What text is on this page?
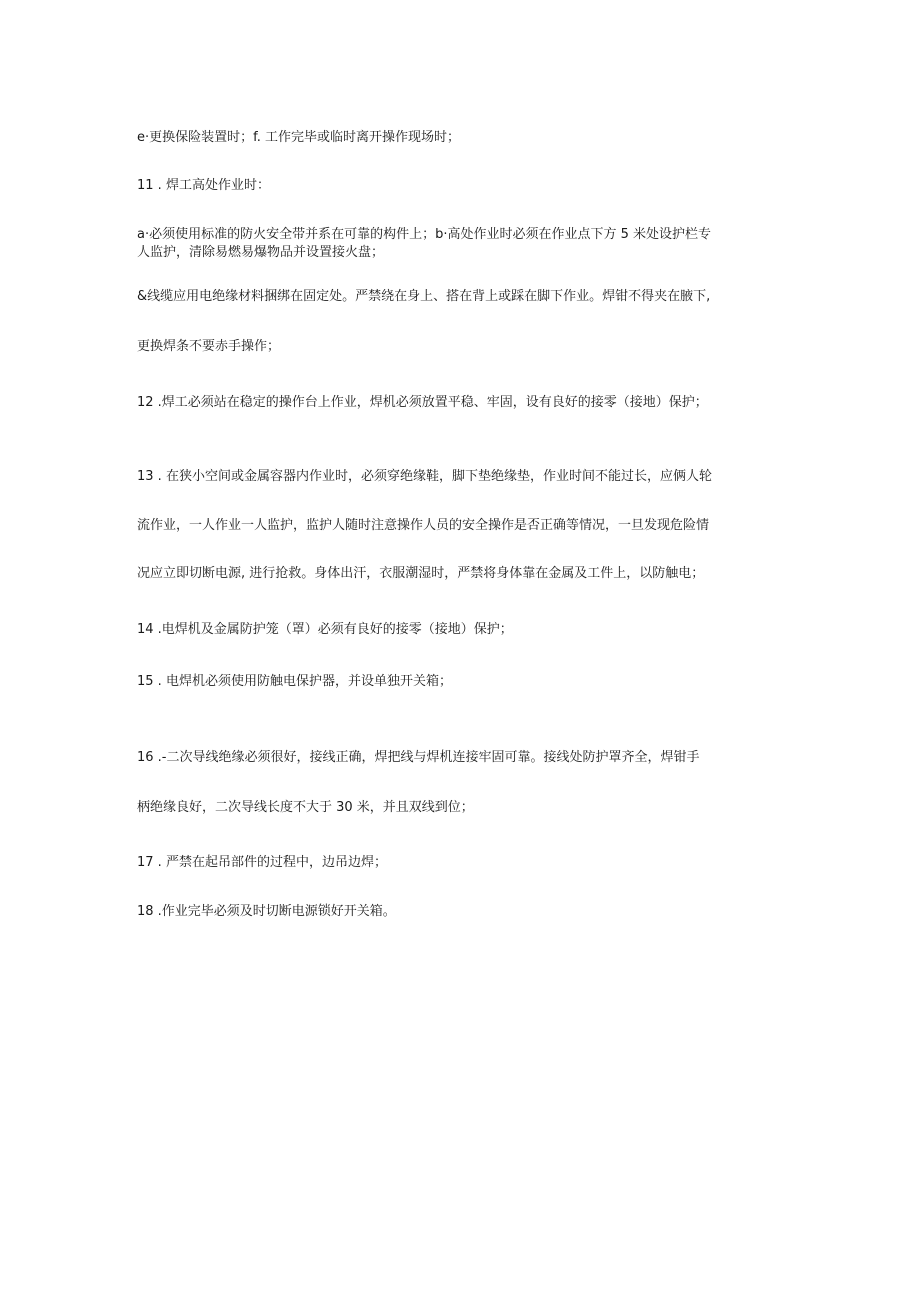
e·更换保险装置时；f. 工作完毕或临时离开操作现场时；

11 . 焊工高处作业时：

a·必须使用标准的防火安全带并系在可靠的构件上；b·高处作业时必须在作业点下方 5 米处设护栏专

人监护，清除易燃易爆物品并设置接火盘；

&线缆应用电绝缘材料捆绑在固定处。严禁绕在身上、搭在背上或踩在脚下作业。焊钳不得夹在腋下,

更换焊条不要赤手操作；

12 .焊工必须站在稳定的操作台上作业，焊机必须放置平稳、牢固，设有良好的接零（接地）保护；

13 . 在狭小空间或金属容器内作业时，必须穿绝缘鞋，脚下垫绝缘垫，作业时间不能过长，应俩人轮

流作业，一人作业一人监护，监护人随时注意操作人员的安全操作是否正确等情况，一旦发现危险情

况应立即切断电源, 进行抢救。身体出汗，衣服潮湿时，严禁将身体靠在金属及工件上，以防触电；

14 .电焊机及金属防护笼（罩）必须有良好的接零（接地）保护；

15 . 电焊机必须使用防触电保护器，并设单独开关箱；

16 .-二次导线绝缘必须很好，接线正确，焊把线与焊机连接牢固可靠。接线处防护罩齐全，焊钳手

柄绝缘良好，二次导线长度不大于 30 米，并且双线到位；

17 . 严禁在起吊部件的过程中，边吊边焊；

18 .作业完毕必须及时切断电源锁好开关箱。
